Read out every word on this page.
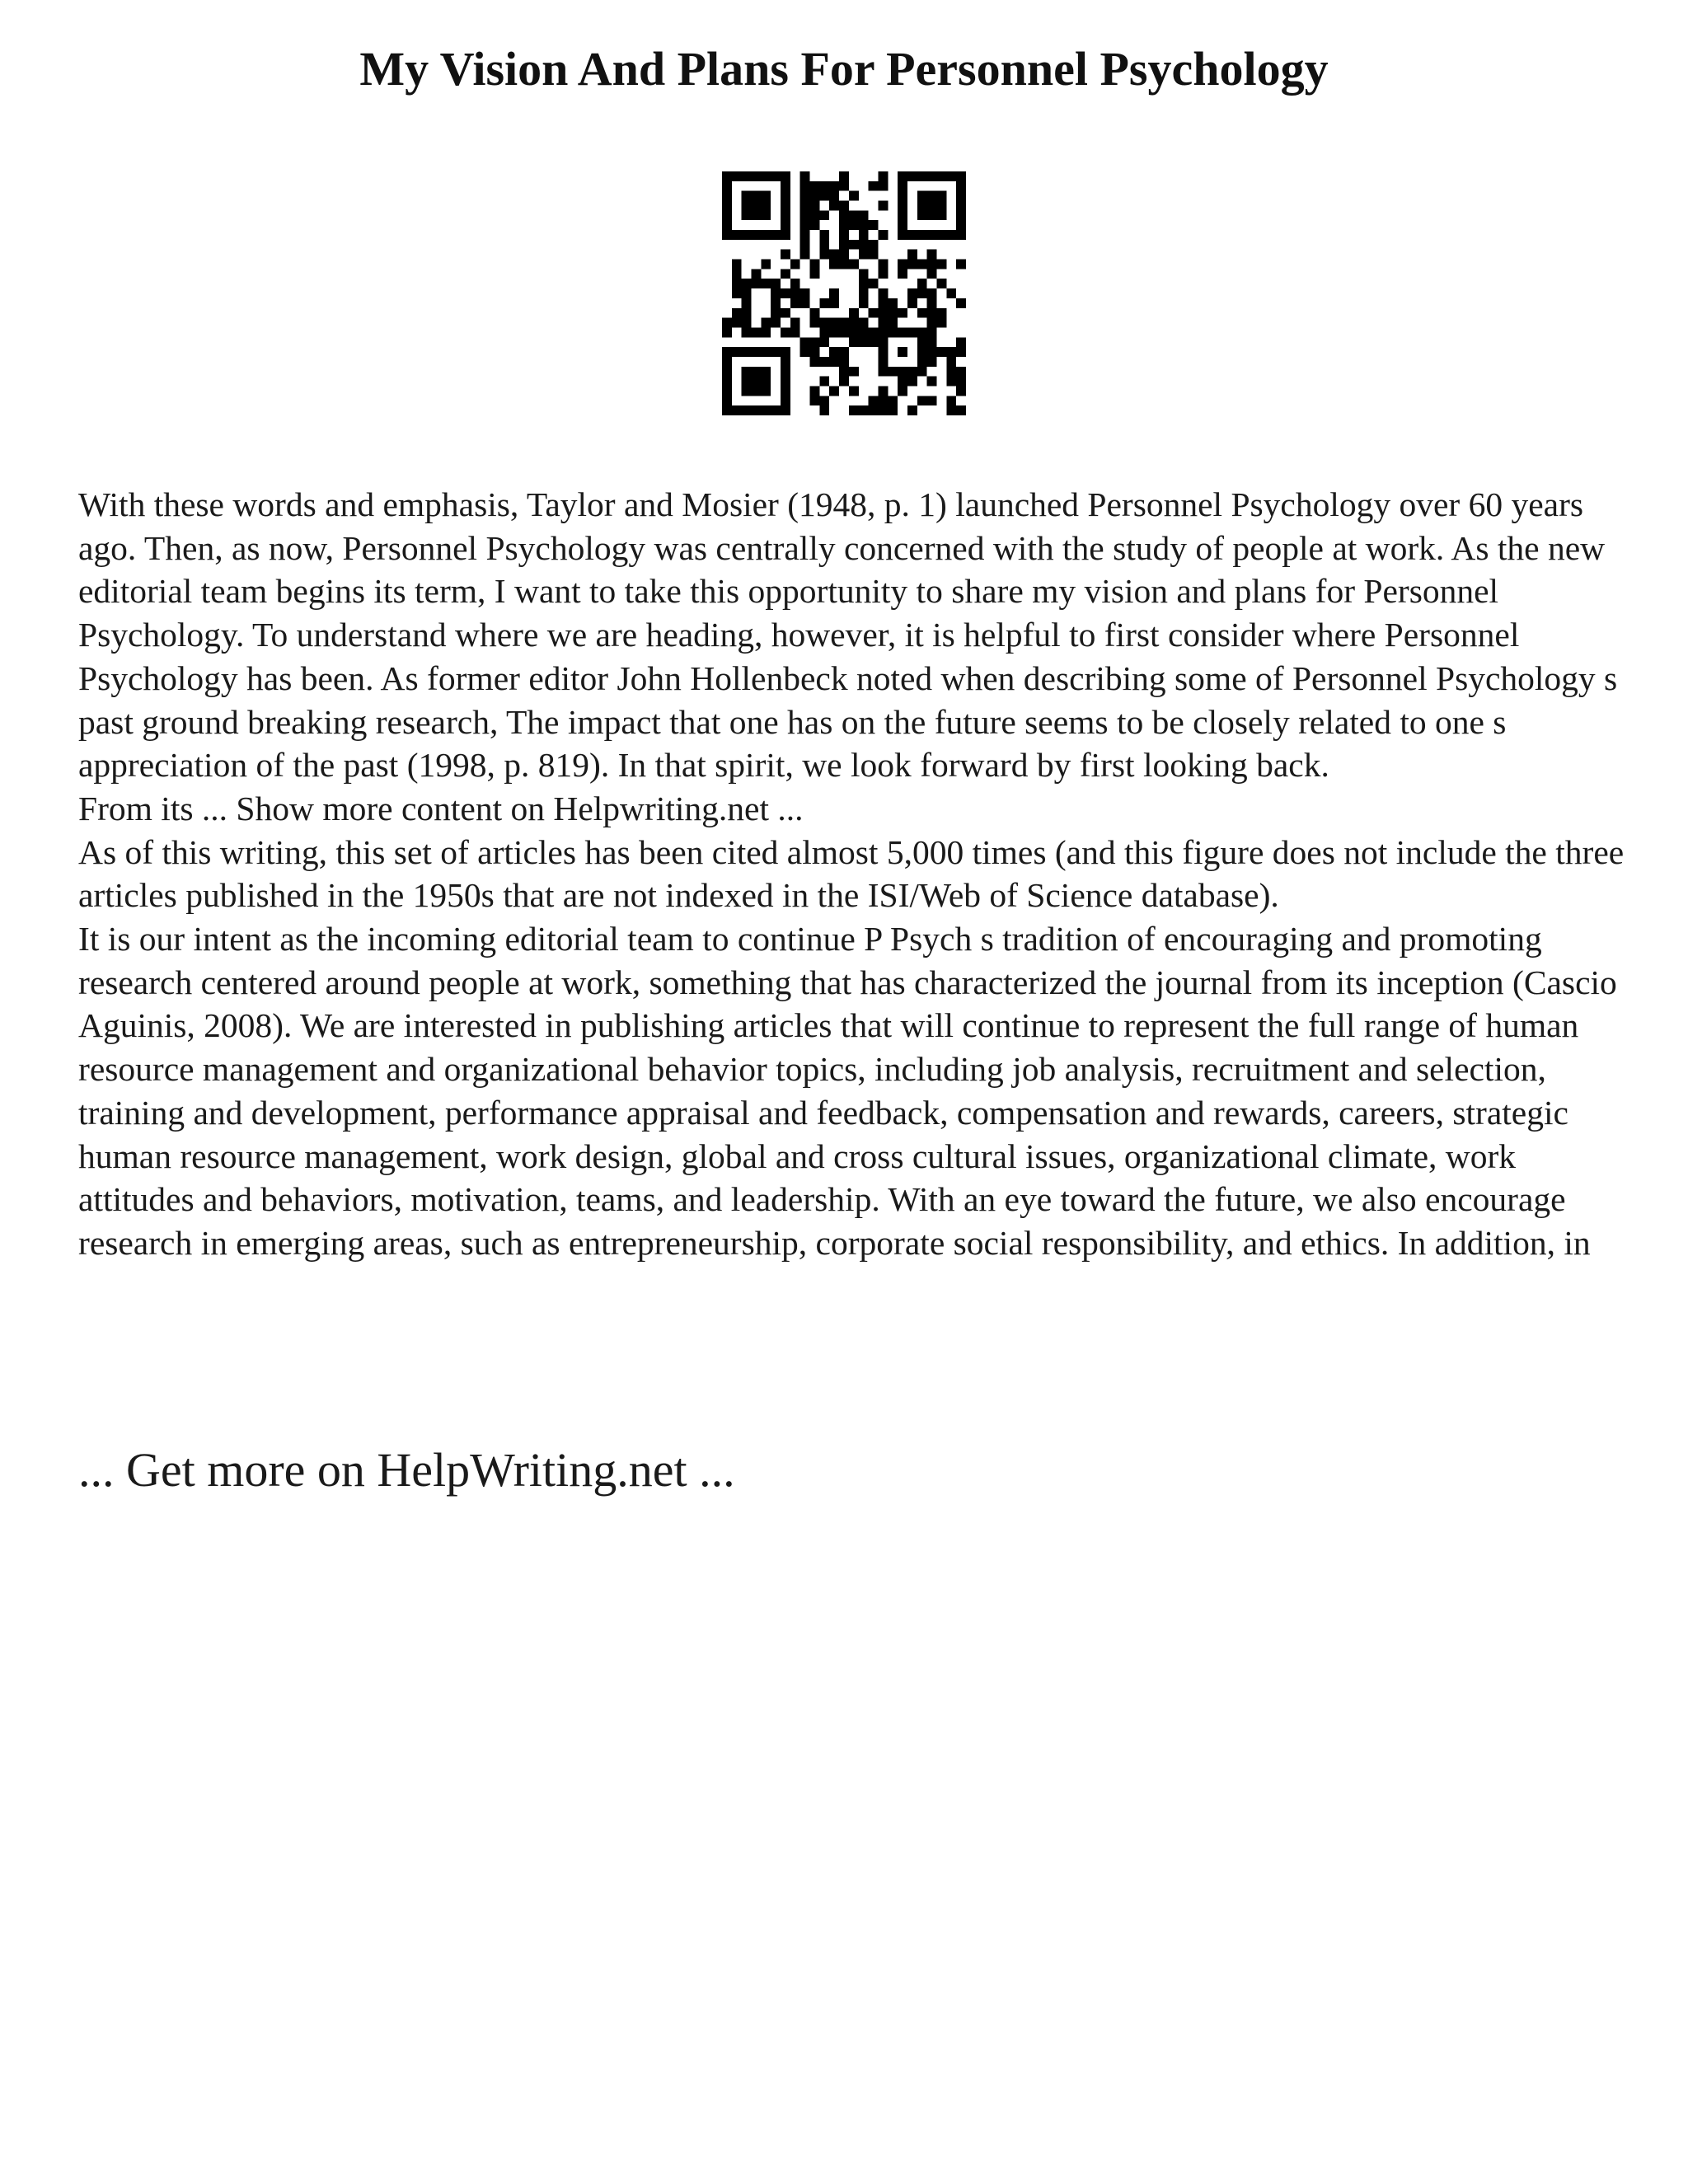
My Vision And Plans For Personnel Psychology

With these words and emphasis, Taylor and Mosier (1948, p. 1) launched Personnel Psychology over 60 years ago. Then, as now, Personnel Psychology was centrally concerned with the study of people at work. As the new editorial team begins its term, I want to take this opportunity to share my vision and plans for Personnel Psychology. To understand where we are heading, however, it is helpful to first consider where Personnel Psychology has been. As former editor John Hollenbeck noted when describing some of Personnel Psychology s past ground breaking research, The impact that one has on the future seems to be closely related to one s appreciation of the past (1998, p. 819). In that spirit, we look forward by first looking back.

From its ... Show more content on Helpwriting.net ...

As of this writing, this set of articles has been cited almost 5,000 times (and this figure does not include the three articles published in the 1950s that are not indexed in the ISI/Web of Science database).

It is our intent as the incoming editorial team to continue P Psych s tradition of encouraging and promoting research centered around people at work, something that has characterized the journal from its inception (Cascio Aguinis, 2008). We are interested in publishing articles that will continue to represent the full range of human resource management and organizational behavior topics, including job analysis, recruitment and selection, training and development, performance appraisal and feedback, compensation and rewards, careers, strategic human resource management, work design, global and cross cultural issues, organizational climate, work attitudes and behaviors, motivation, teams, and leadership. With an eye toward the future, we also encourage research in emerging areas, such as entrepreneurship, corporate social responsibility, and ethics. In addition, in

... Get more on HelpWriting.net ...
